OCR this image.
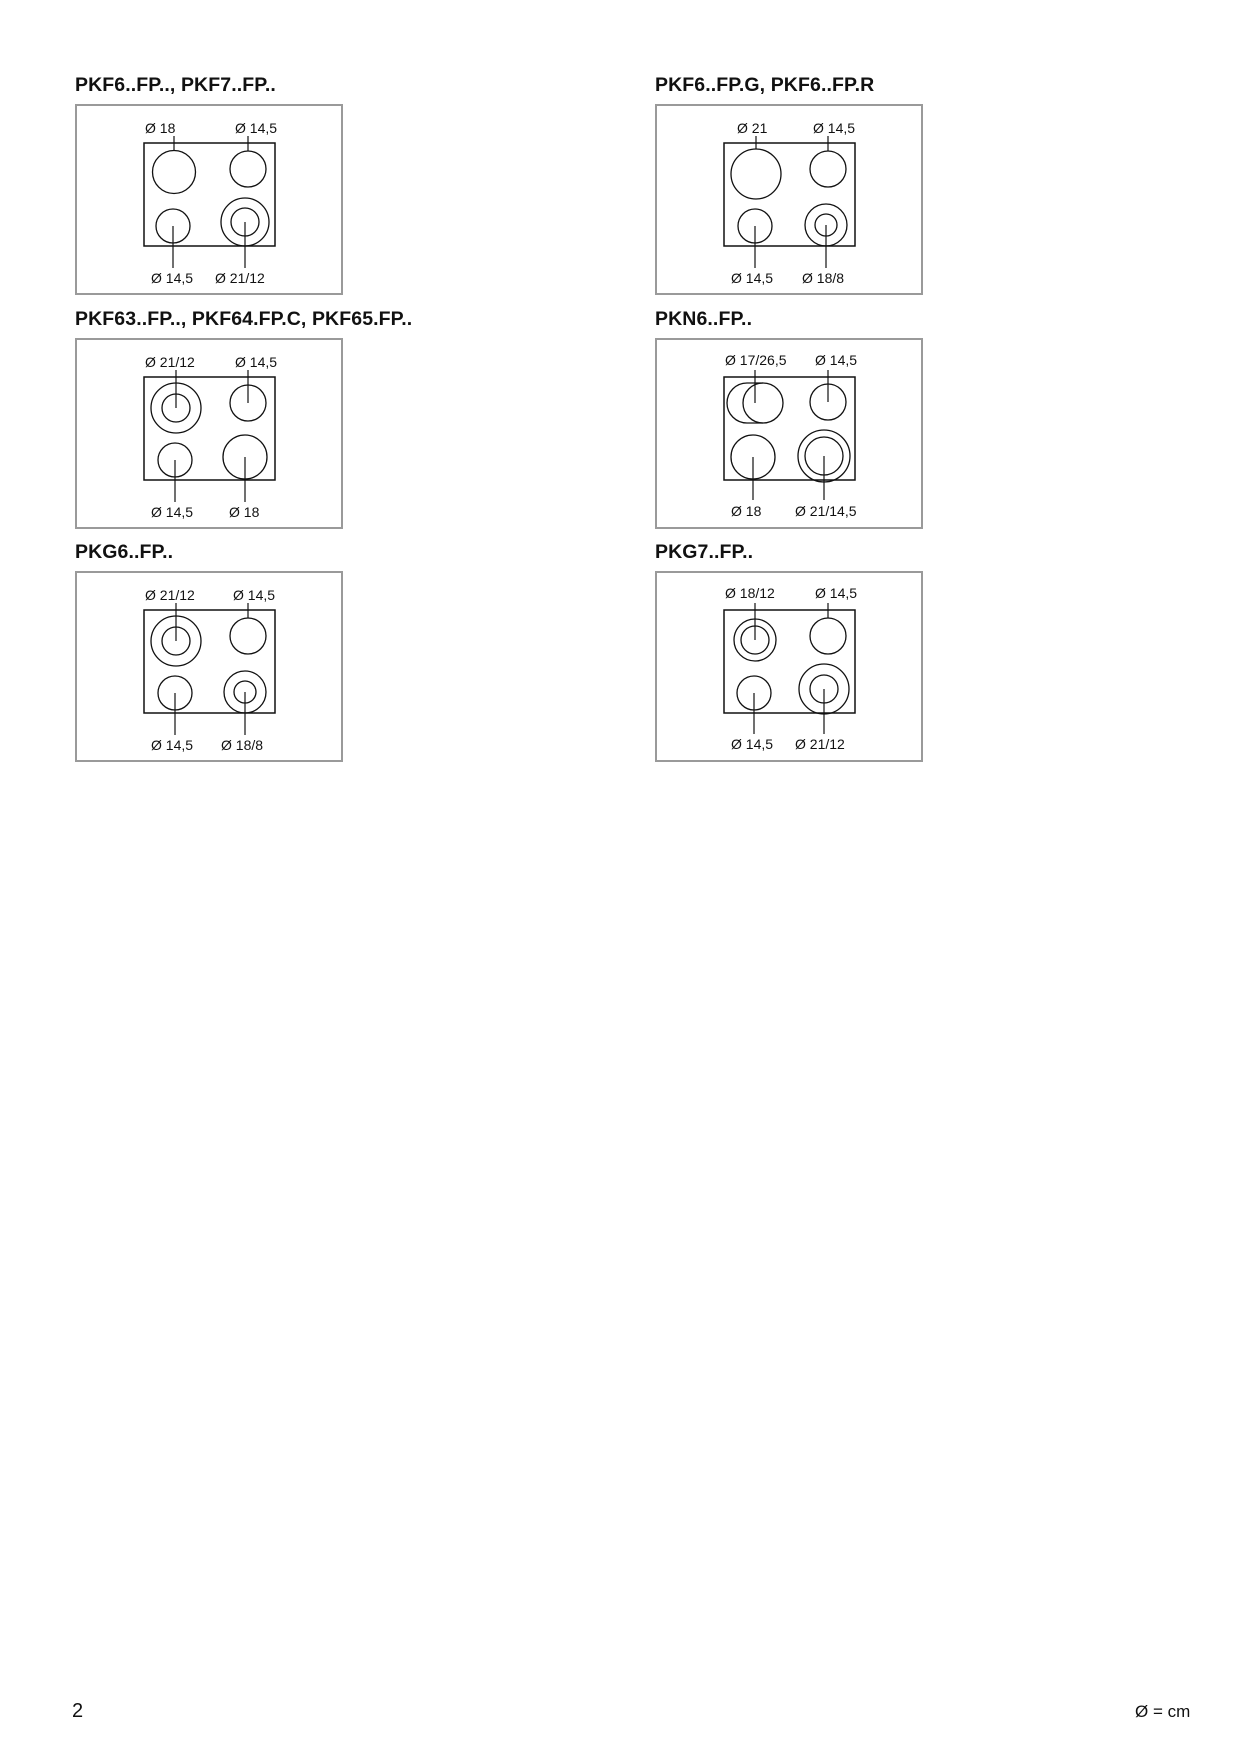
PKF6..FP.., PKF7..FP..
Ø 18	Ø 14,5
Ø 14,5 Ø 21/12
PKF6..FP.G, PKF6..FP.R
Ø 21	Ø 14,5
Ø 14,5 Ø 18/8
PKF63..FP.., PKF64.FP.C, PKF65.FP..
Ø 21/12	Ø 14,5
Ø 14,5	Ø 18
PKN6..FP..
Ø 17/26,5 Ø 14,5
Ø 18 Ø 21/14,5
PKG6..FP..
Ø 21/12	Ø 14,5
Ø 14,5 Ø 18/8
PKG7..FP..
Ø 18/12	Ø 14,5
Ø 14,5 Ø 21/12
2	Ø = cm
